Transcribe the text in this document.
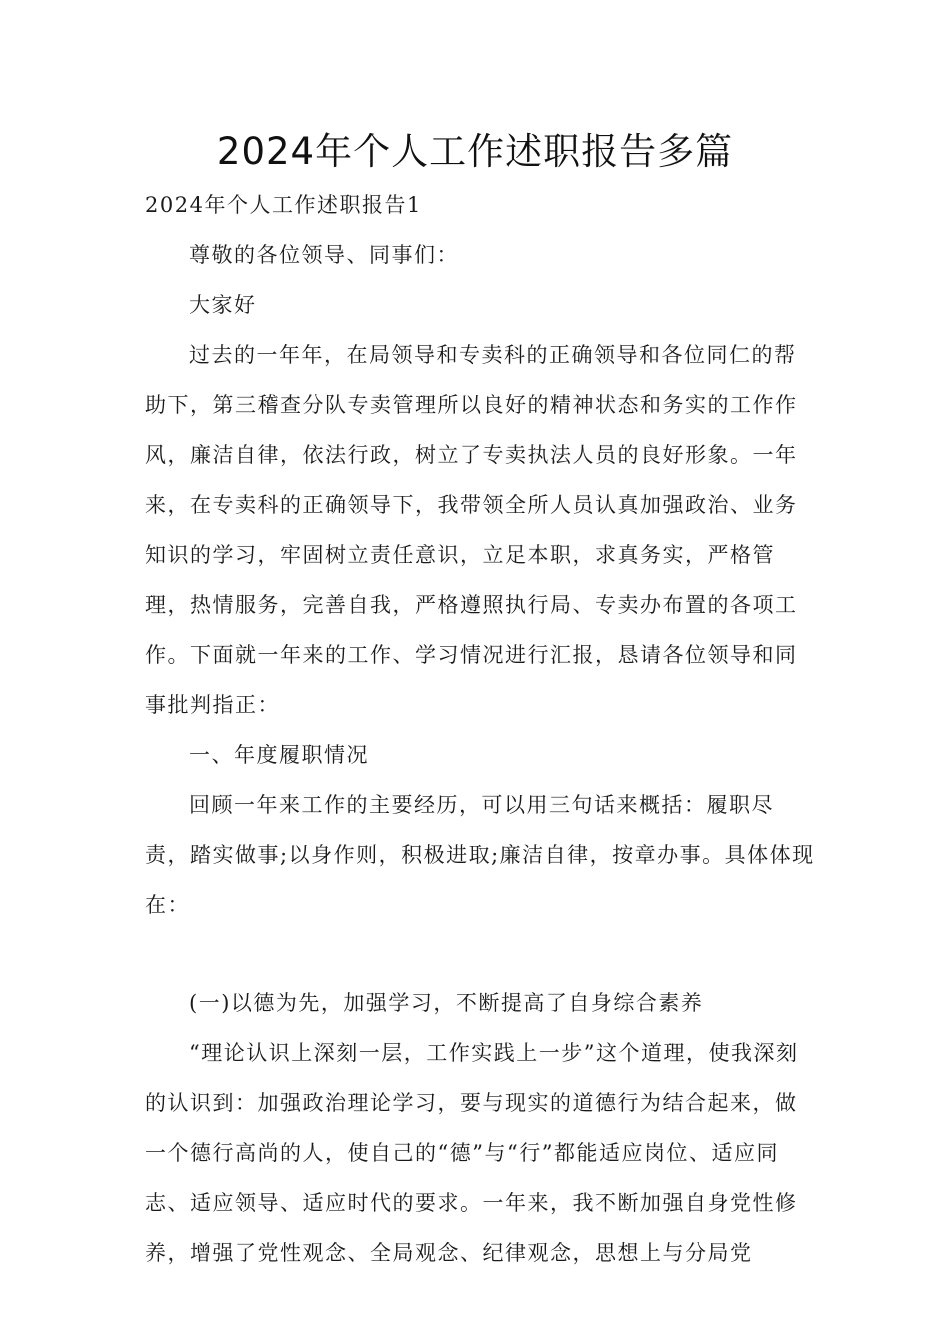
2024年个人工作述职报告多篇

2024年个人工作述职报告1

尊敬的各位领导、同事们：

大家好

过去的一年年，在局领导和专卖科的正确领导和各位同仁的帮助下，第三稽查分队专卖管理所以良好的精神状态和务实的工作作风，廉洁自律，依法行政，树立了专卖执法人员的良好形象。一年来，在专卖科的正确领导下，我带领全所人员认真加强政治、业务知识的学习，牢固树立责任意识，立足本职，求真务实，严格管理，热情服务，完善自我，严格遵照执行局、专卖办布置的各项工作。下面就一年来的工作、学习情况进行汇报，恳请各位领导和同事批判指正：

一、年度履职情况

回顾一年来工作的主要经历，可以用三句话来概括：履职尽责，踏实做事;以身作则，积极进取;廉洁自律，按章办事。具体体现在：

(一)以德为先，加强学习，不断提高了自身综合素养

“理论认识上深刻一层，工作实践上一步”这个道理，使我深刻的认识到：加强政治理论学习，要与现实的道德行为结合起来，做一个德行高尚的人，使自己的“德”与“行”都能适应岗位、适应同志、适应领导、适应时代的要求。一年来，我不断加强自身党性修养，增强了党性观念、全局观念、纪律观念，思想上与分局党
